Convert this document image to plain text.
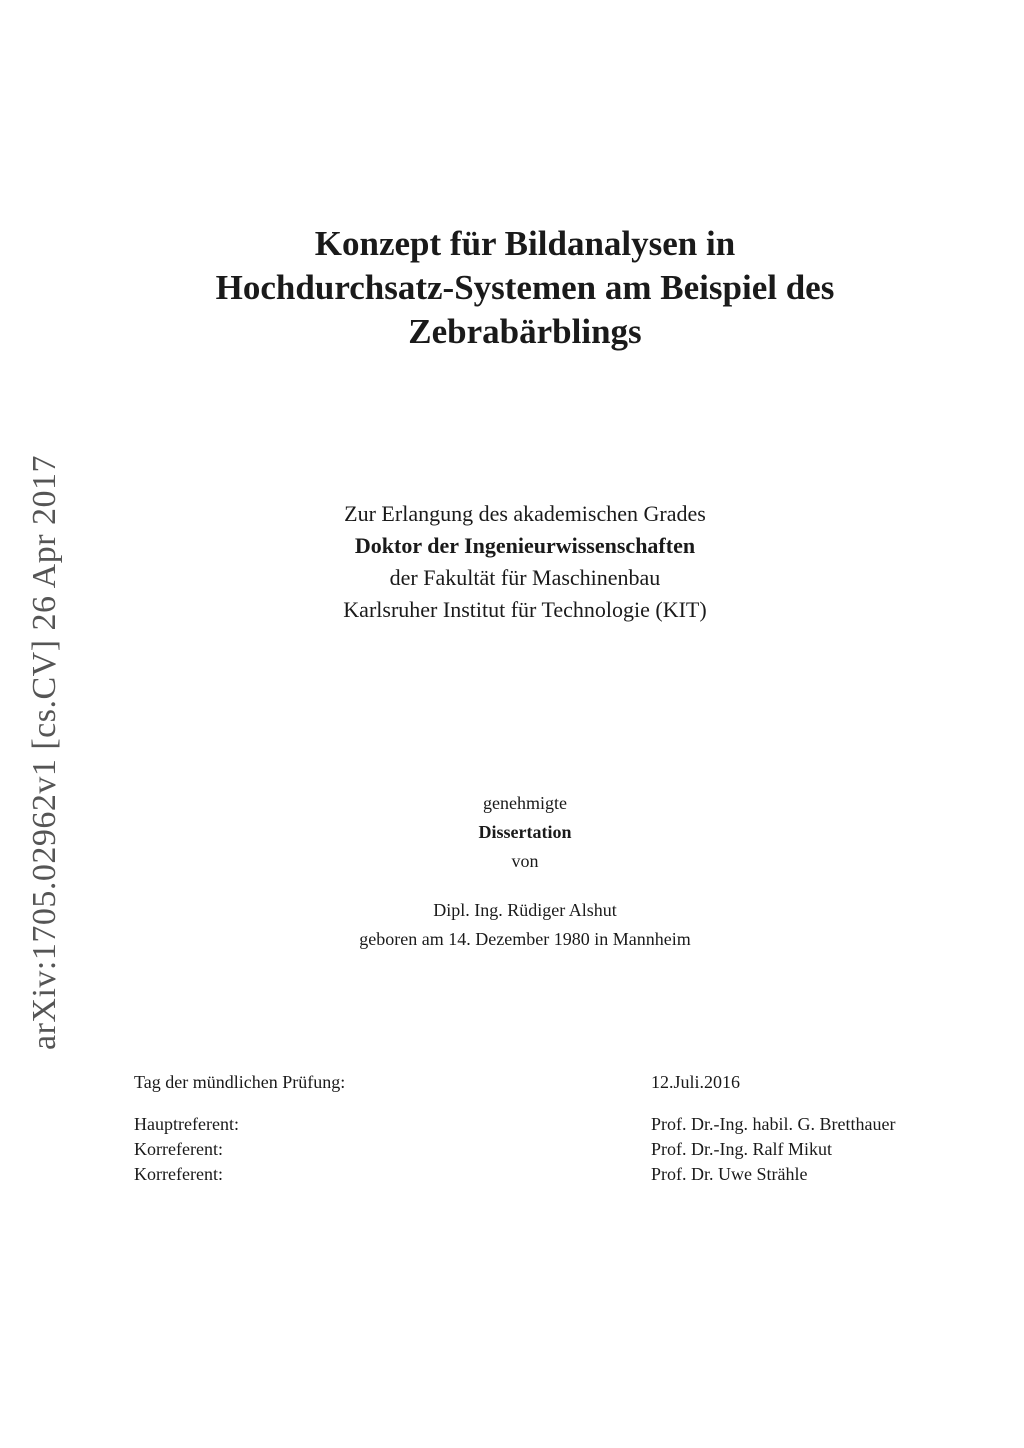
arXiv:1705.02962v1 [cs.CV] 26 Apr 2017

Konzept für Bildanalysen in

Hochdurchsatz-Systemen am Beispiel des

Zebrabärblings

Zur Erlangung des akademischen Grades
Doktor der Ingenieurwissenschaften
der Fakultät für Maschinenbau
Karlsruher Institut für Technologie (KIT)
genehmigte
Dissertation
von
Dipl. Ing. Rüdiger Alshut
geboren am 14. Dezember 1980 in Mannheim
Tag der mündlichen Prüfung:	12.Juli.2016
Hauptreferent:	Prof. Dr.-Ing. habil. G. Bretthauer
Korreferent:	Prof. Dr.-Ing. Ralf Mikut
Korreferent:	Prof. Dr. Uwe Strähle
